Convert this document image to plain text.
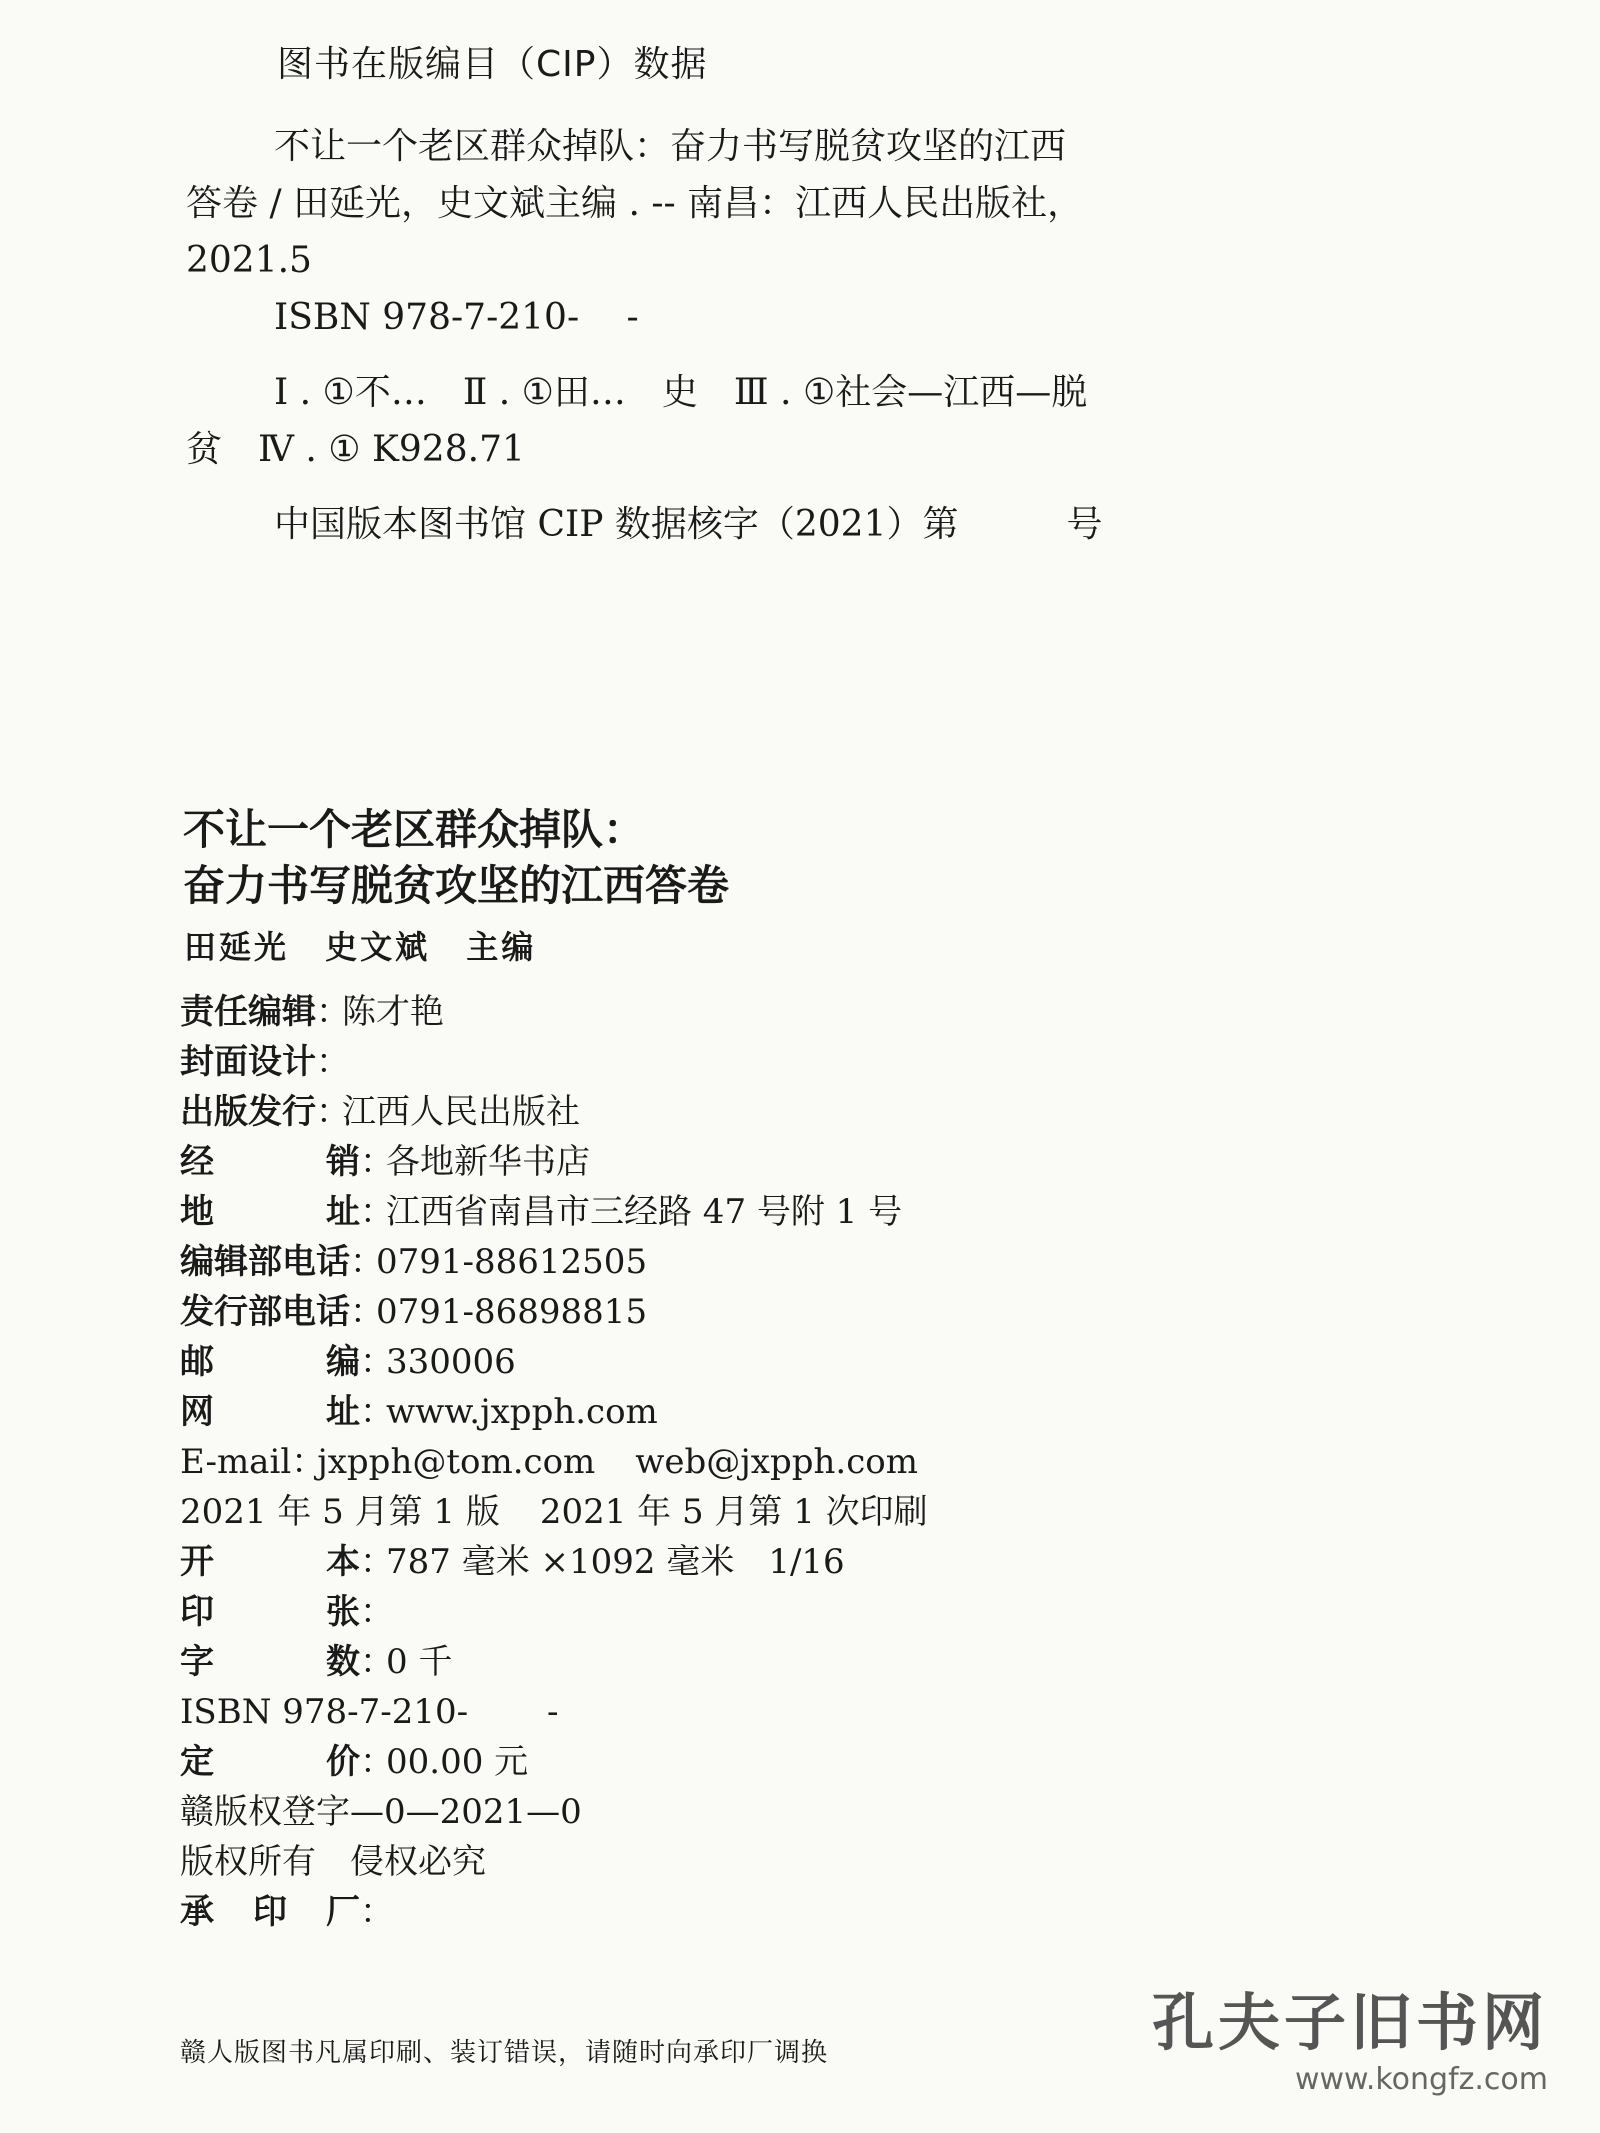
图书在版编目（CIP）数据

不让一个老区群众掉队：奋力书写脱贫攻坚的江西

答卷 / 田延光，史文斌主编 . -- 南昌：江西人民出版社，

2021.5

ISBN 978-7-210-　 -

Ⅰ . ①不…　Ⅱ . ①田…　史　Ⅲ . ①社会—江西—脱

贫　Ⅳ . ① K928.71

中国版本图书馆 CIP 数据核字（2021）第　　　号

不让一个老区群众掉队：
奋力书写脱贫攻坚的江西答卷
田延光 史文斌 主编
责任编辑：陈才艳
封面设计：
出版发行：江西人民出版社
经销：各地新华书店
地址：江西省南昌市三经路 47 号附 1 号
编辑部电话：0791-88612505
发行部电话：0791-86898815
邮编：330006
网址：www.jxpph.com
E-mail：jxpph@tom.com web@jxpph.com
2021 年 5 月第 1 版 2021 年 5 月第 1 次印刷
开本：787 毫米 ×1092 毫米　1/16
印张：
字数：0 千
ISBN 978-7-210-　　 -
定价：00.00 元
赣版权登字—0—2021—0
版权所有　侵权必究
承印厂：
赣人版图书凡属印刷、装订错误，请随时向承印厂调换	孔夫子旧书网
www.kongfz.com
